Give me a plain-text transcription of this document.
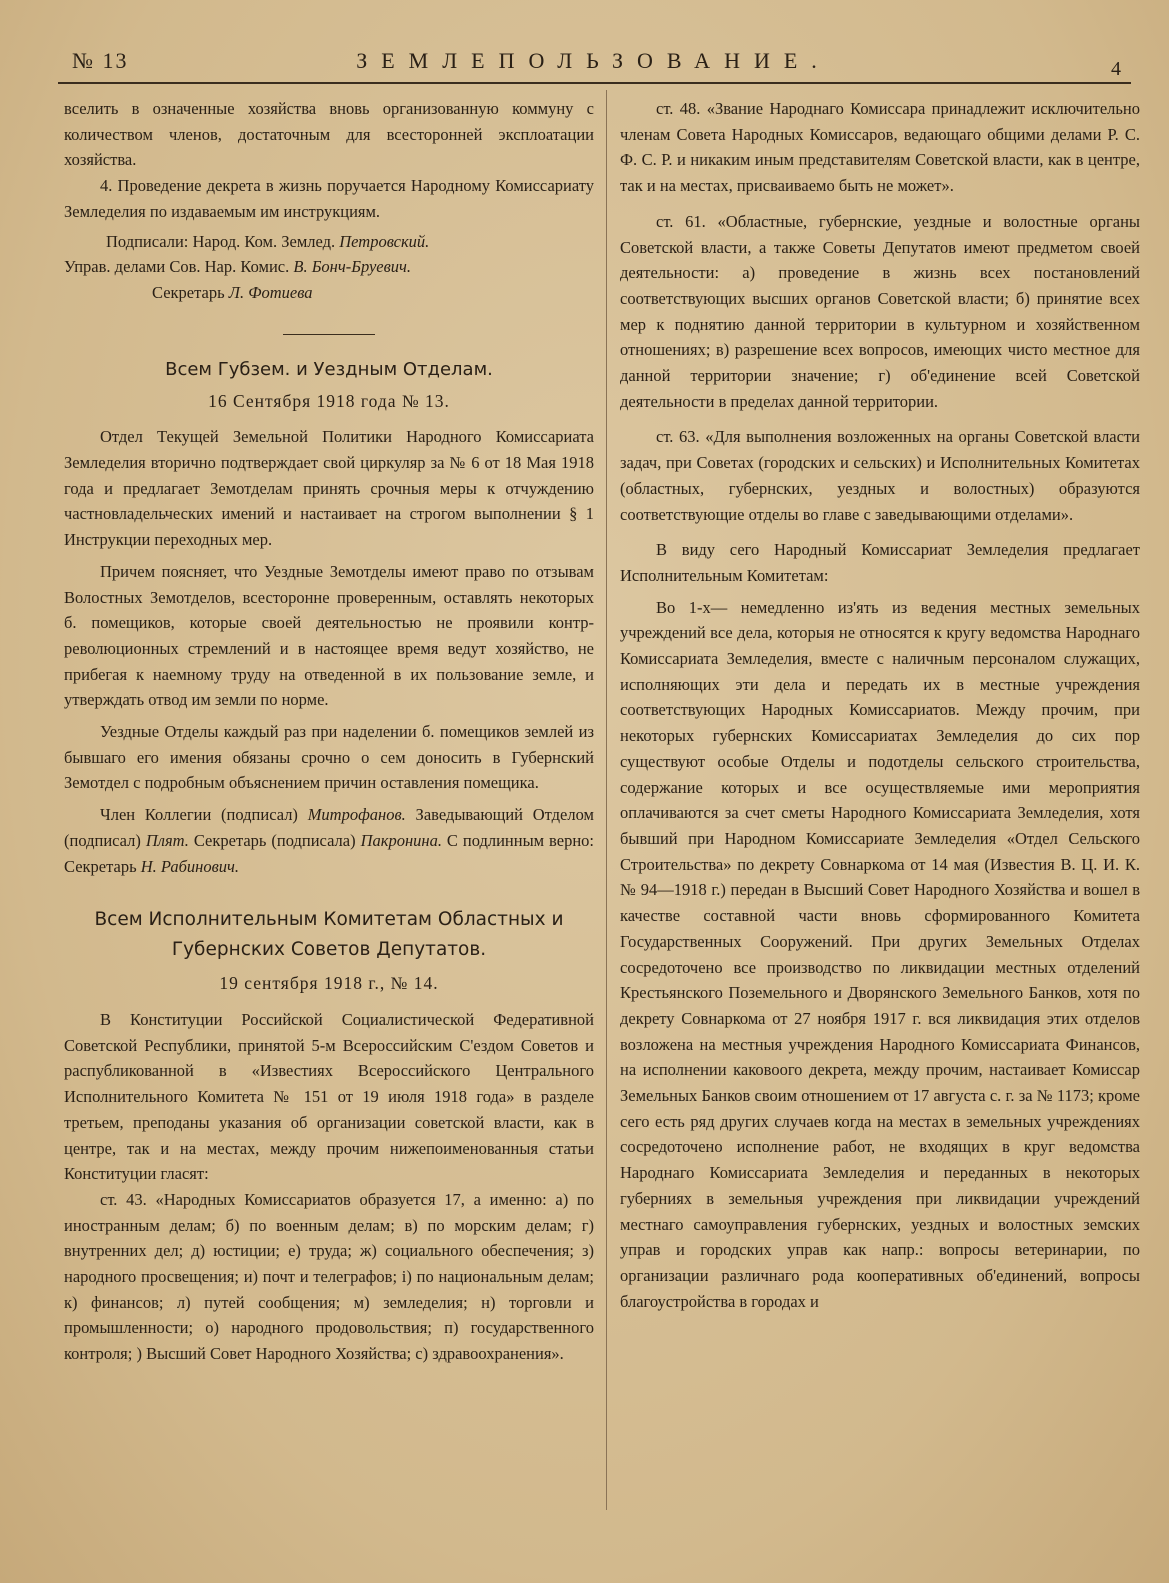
№ 13	ЗЕМЛЕПОЛЬЗОВАНИЕ.	4

вселить в означенные хозяйства вновь организованную коммуну с количеством членов, достаточным для всесторонней эксплоатации хозяйства.

4. Проведение декрета в жизнь поручается Народному Комиссариату Земледелия по издаваемым им инструкциям.

Подписали: Народ. Ком. Землед. Петровский.
Управ. делами Сов. Нар. Комис. В. Бонч-Бруевич.
Секретарь Л. Фотиева
Всем Губзем. и Уездным Отделам.
16 Сентября 1918 года № 13.

Отдел Текущей Земельной Политики Народного Комиссариата Земледелия вторично подтверждает свой циркуляр за № 6 от 18 Мая 1918 года и предлагает Земотделам принять срочныя меры к отчуждению частновладельческих имений и настаивает на строгом выполнении § 1 Инструкции переходных мер.

Причем поясняет, что Уездные Земотделы имеют право по отзывам Волостных Земотделов, всесторонне проверенным, оставлять некоторых б. помещиков, которые своей деятельностью не проявили контр-революционных стремлений и в настоящее время ведут хозяйство, не прибегая к наемному труду на отведенной в их пользование земле, и утверждать отвод им земли по норме.

Уездные Отделы каждый раз при наделении б. помещиков землей из бывшаго его имения обязаны срочно о сем доносить в Губернский Земотдел с подробным объяснением причин оставления помещика.

Член Коллегии (подписал) Митрофанов. Заведывающий Отделом (подписал) Плят. Секретарь (подписала) Пакронина. С подлинным верно: Секретарь Н. Рабинович.

Всем Исполнительным Комитетам Областных и Губернских Советов Депутатов.
19 сентября 1918 г., № 14.

В Конституции Российской Социалистической Федеративной Советской Республики, принятой 5-м Всероссийским С'ездом Советов и распубликованной в «Известиях Всероссийского Центрального Исполнительного Комитета № 151 от 19 июля 1918 года» в разделе третьем, преподаны указания об организации советской власти, как в центре, так и на местах, между прочим нижепоименованныя статьи Конституции гласят:

ст. 43. «Народных Комиссариатов образуется 17, а именно: а) по иностранным делам; б) по военным делам; в) по морским делам; г) внутренних дел; д) юстиции; е) труда; ж) социального обеспечения; з) народного просвещения; и) почт и телеграфов; і) по национальным делам; к) финансов; л) путей сообщения; м) земледелия; н) торговли и промышленности; о) народного продовольствия; п) государственного контроля; ) Высший Совет Народного Хозяйства; с) здравоохранения».

ст. 48. «Звание Народнаго Комиссара принадлежит исключительно членам Совета Народных Комиссаров, ведающаго общими делами Р. С. Ф. С. Р. и никаким иным представителям Советской власти, как в центре, так и на местах, присваиваемо быть не может».

ст. 61. «Областные, губернские, уездные и волостные органы Советской власти, а также Советы Депутатов имеют предметом своей деятельности: а) проведение в жизнь всех постановлений соответствующих высших органов Советской власти; б) принятие всех мер к поднятию данной территории в культурном и хозяйственном отношениях; в) разрешение всех вопросов, имеющих чисто местное для данной территории значение; г) об'единение всей Советской деятельности в пределах данной территории.

ст. 63. «Для выполнения возложенных на органы Советской власти задач, при Советах (городских и сельских) и Исполнительных Комитетах (областных, губернских, уездных и волостных) образуются соответствующие отделы во главе с заведывающими отделами».

В виду сего Народный Комиссариат Земледелия предлагает Исполнительным Комитетам:

Во 1-х— немедленно из'ять из ведения местных земельных учреждений все дела, которыя не относятся к кругу ведомства Народнаго Комиссариата Земледелия, вместе с наличным персоналом служащих, исполняющих эти дела и передать их в местные учреждения соответствующих Народных Комиссариатов. Между прочим, при некоторых губернских Комиссариатах Земледелия до сих пор существуют особые Отделы и подотделы сельского строительства, содержание которых и все осуществляемые ими мероприятия оплачиваются за счет сметы Народного Комиссариата Земледелия, хотя бывший при Народном Комиссариате Земледелия «Отдел Сельского Строительства» по декрету Совнаркома от 14 мая (Известия В. Ц. И. К. № 94—1918 г.) передан в Высший Совет Народного Хозяйства и вошел в качестве составной части вновь сформированного Комитета Государственных Сооружений. При других Земельных Отделах сосредоточено все производство по ликвидации местных отделений Крестьянского Поземельного и Дворянского Земельного Банков, хотя по декрету Совнаркома от 27 ноября 1917 г. вся ликвидация этих отделов возложена на местныя учреждения Народного Комиссариата Финансов, на исполнении каковоого декрета, между прочим, настаивает Комиссар Земельных Банков своим отношением от 17 августа с. г. за № 1173; кроме сего есть ряд других случаев когда на местах в земельных учреждениях сосредоточено исполнение работ, не входящих в круг ведомства Народнаго Комиссариата Земледелия и переданных в некоторых губерниях в земельныя учреждения при ликвидации учреждений местнаго самоуправления губернских, уездных и волостных земских управ и городских управ как напр.: вопросы ветеринарии, по организации различнаго рода кооперативных об'единений, вопросы благоустройства в городах и
